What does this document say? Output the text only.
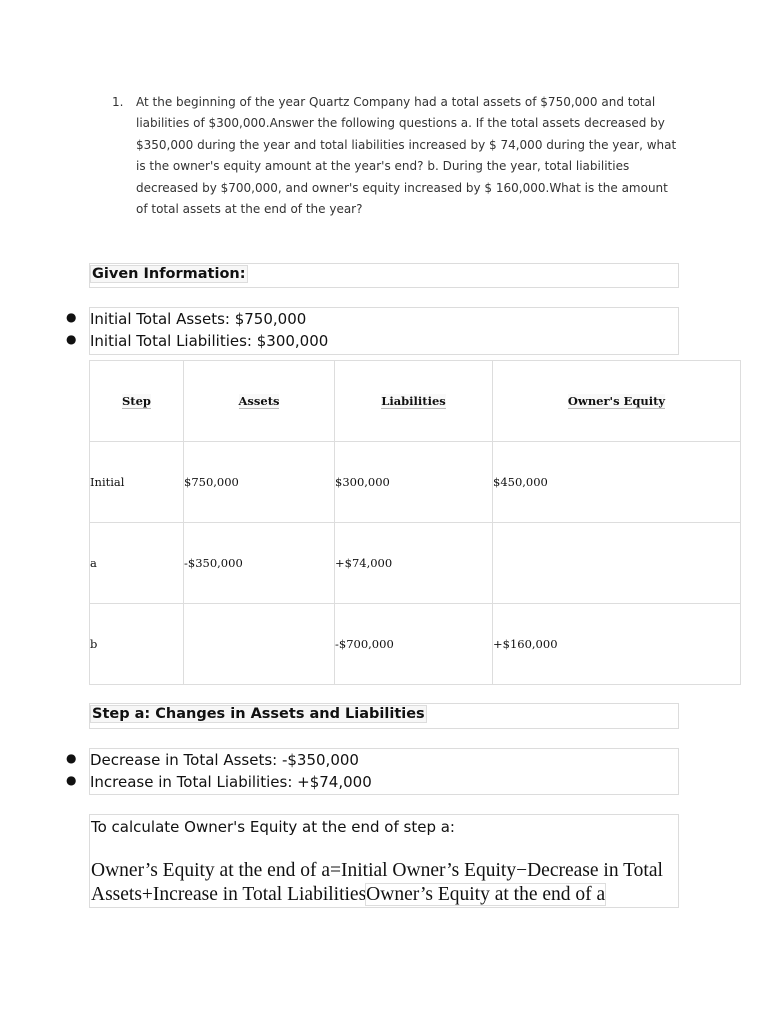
1. At the beginning of the year Quartz Company had a total assets of $750,000 and total liabilities of $300,000.Answer the following questions a. If the total assets decreased by $350,000 during the year and total liabilities increased by $ 74,000 during the year, what is the owner's equity amount at the year's end? b. During the year, total liabilities decreased by $700,000, and owner's equity increased by $ 160,000.What is the amount of total assets at the end of the year?
Given Information:
● Initial Total Assets: $750,000
● Initial Total Liabilities: $300,000
Step	Assets	Liabilities	Owner's Equity
Initial	$750,000	$300,000	$450,000
a	-$350,000	+$74,000	
b		-$700,000	+$160,000
Step a: Changes in Assets and Liabilities
● Decrease in Total Assets: -$350,000
● Increase in Total Liabilities: +$74,000
To calculate Owner's Equity at the end of step a:
Owner’s Equity at the end of a=Initial Owner’s Equity−Decrease in Total Assets+Increase in Total LiabilitiesOwner’s Equity at the end of a
